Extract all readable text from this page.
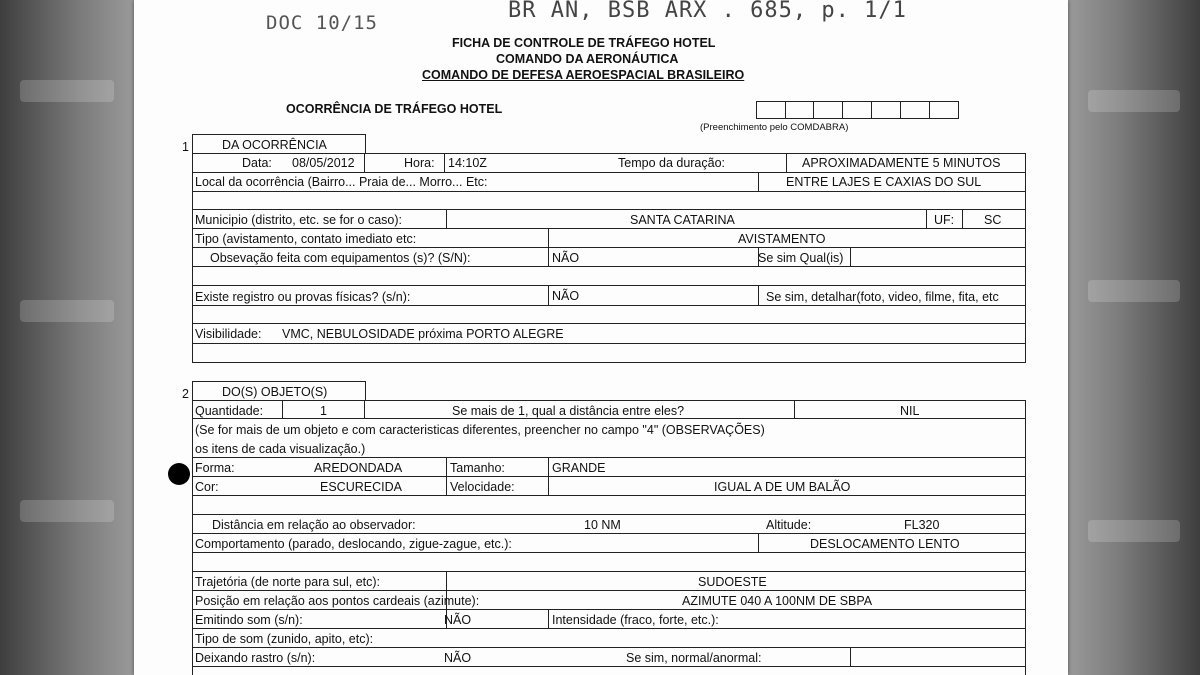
DOC 10/15	BR AN, BSB ARX . 685, p. 1/1
FICHA DE CONTROLE DE TRÁFEGO HOTEL
COMANDO DA AERONÁUTICA
COMANDO DE DEFESA AEROESPACIAL BRASILEIRO
OCORRÊNCIA DE TRÁFEGO HOTEL
(Preenchimento pelo COMDABRA)
1	DA OCORRÊNCIA
Data: 08/05/2012	Hora: 14:10Z	Tempo da duração:	APROXIMADAMENTE 5 MINUTOS
Local da ocorrência (Bairro... Praia de... Morro... Etc:	ENTRE LAJES E CAXIAS DO SUL
Municipio (distrito, etc. se for o caso):	SANTA CATARINA	UF: SC
Tipo (avistamento, contato imediato etc:	AVISTAMENTO
Obsevação feita com equipamentos (s)? (S/N):	NÃO	Se sim Qual(is)
Existe registro ou provas físicas? (s/n):	NÃO	Se sim, detalhar(foto, video, filme, fita, etc
Visibilidade: VMC, NEBULOSIDADE próxima PORTO ALEGRE
2	DO(S) OBJETO(S)
Quantidade:	1	Se mais de 1, qual a distância entre eles?	NIL
(Se for mais de um objeto e com caracteristicas diferentes, preencher no campo "4" (OBSERVAÇÕES)
os itens de cada visualização.)
Forma:	AREDONDADA	Tamanho:	GRANDE
Cor:	ESCURECIDA	Velocidade:	IGUAL A DE UM BALÃO
Distância em relação ao observador:	10 NM	Altitude:	FL320
Comportamento (parado, deslocando, zigue-zague, etc.):	DESLOCAMENTO LENTO
Trajetória (de norte para sul, etc):	SUDOESTE
Posição em relação aos pontos cardeais (azimute):	AZIMUTE 040 A 100NM DE SBPA
Emitindo som (s/n):	NÃO	Intensidade (fraco, forte, etc.):
Tipo de som (zunido, apito, etc):
Deixando rastro (s/n):	NÃO	Se sim, normal/anormal:
